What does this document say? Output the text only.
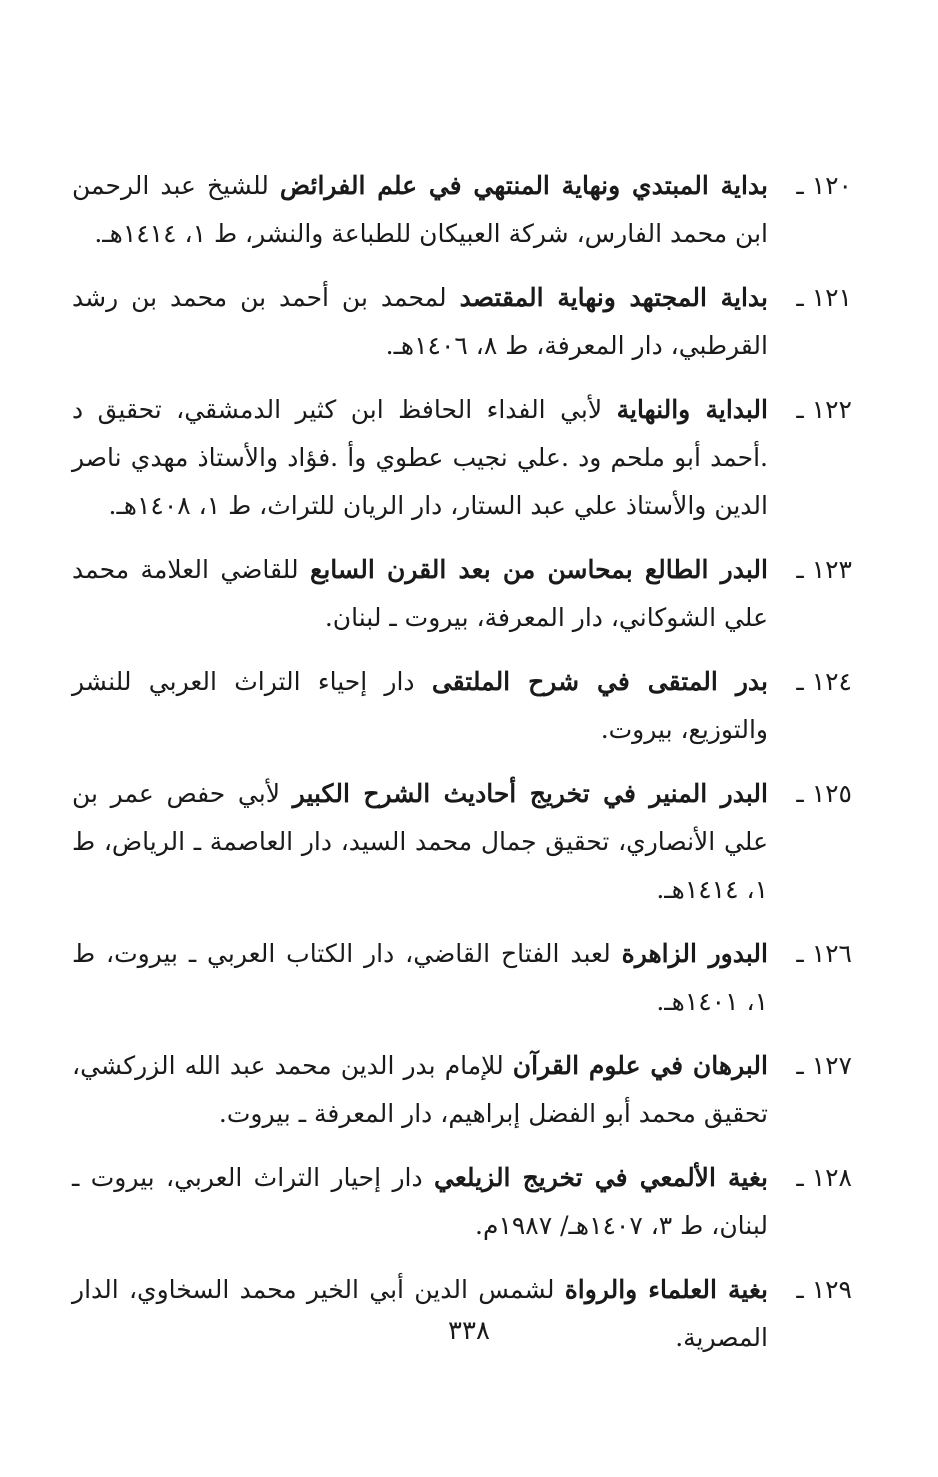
١٢٠ ـ
بداية المبتدي ونهاية المنتهي في علم الفرائض للشيخ عبد الرحمن ابن محمد الفارس، شركة العبيكان للطباعة والنشر، ط ١، ١٤١٤هـ.
١٢١ ـ
بداية المجتهد ونهاية المقتصد لمحمد بن أحمد بن محمد بن رشد القرطبي، دار المعرفة، ط ٨، ١٤٠٦هـ.
١٢٢ ـ
البداية والنهاية لأبي الفداء الحافظ ابن كثير الدمشقي، تحقيق د .أحمد أبو ملحم ود .علي نجيب عطوي وأ .فؤاد والأستاذ مهدي ناصر الدين والأستاذ علي عبد الستار، دار الريان للتراث، ط ١، ١٤٠٨هـ.
١٢٣ ـ
البدر الطالع بمحاسن من بعد القرن السابع للقاضي العلامة محمد علي الشوكاني، دار المعرفة، بيروت ـ لبنان.
١٢٤ ـ
بدر المتقى في شرح الملتقى دار إحياء التراث العربي للنشر والتوزيع، بيروت.
١٢٥ ـ
البدر المنير في تخريج أحاديث الشرح الكبير لأبي حفص عمر بن علي الأنصاري، تحقيق جمال محمد السيد، دار العاصمة ـ الرياض، ط ١، ١٤١٤هـ.
١٢٦ ـ
البدور الزاهرة لعبد الفتاح القاضي، دار الكتاب العربي ـ بيروت، ط ١، ١٤٠١هـ.
١٢٧ ـ
البرهان في علوم القرآن للإمام بدر الدين محمد عبد الله الزركشي، تحقيق محمد أبو الفضل إبراهيم، دار المعرفة ـ بيروت.
١٢٨ ـ
بغية الألمعي في تخريج الزيلعي دار إحيار التراث العربي، بيروت ـ لبنان، ط ٣، ١٤٠٧هـ/ ١٩٨٧م.
١٢٩ ـ
بغية العلماء والرواة لشمس الدين أبي الخير محمد السخاوي، الدار المصرية.
٣٣٨
